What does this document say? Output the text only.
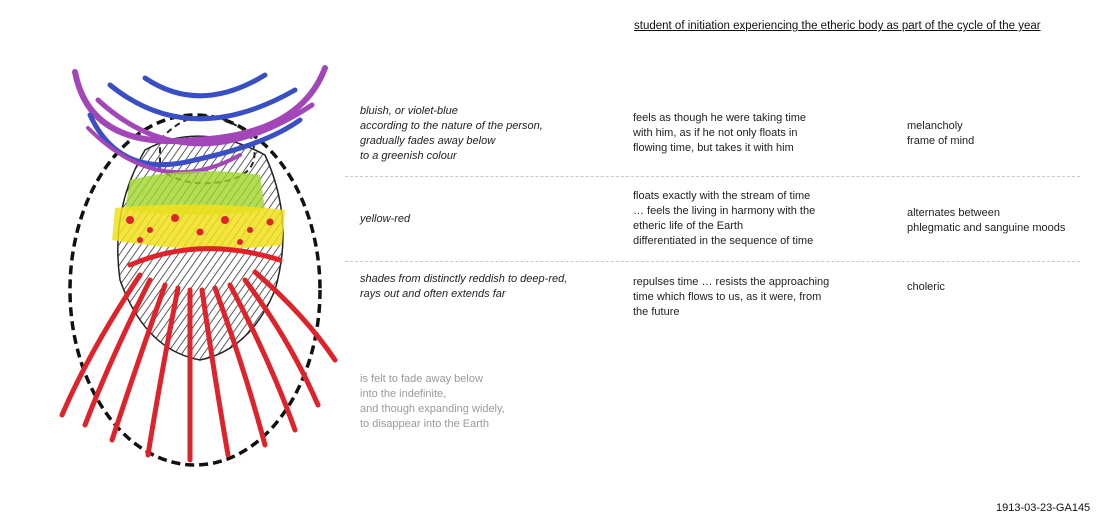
student of initiation experiencing the etheric body as part of the cycle of the year
bluish, or violet-blue
according to the nature of the person,
gradually fades away below
to a greenish colour
feels as though he were taking time
with him, as if he not only floats in
flowing time, but takes it with him
melancholy
frame of mind
yellow-red
floats exactly with the stream of time
… feels the living in harmony with the
etheric life of the Earth
differentiated in the sequence of time
alternates between
phlegmatic and sanguine moods
shades from distinctly reddish to deep-red,
rays out and often extends far
repulses time … resists the approaching
time which flows to us, as it were, from
the future
choleric
is felt to fade away below
into the indefinite,
and though expanding widely,
to disappear into the Earth
1913-03-23-GA145
